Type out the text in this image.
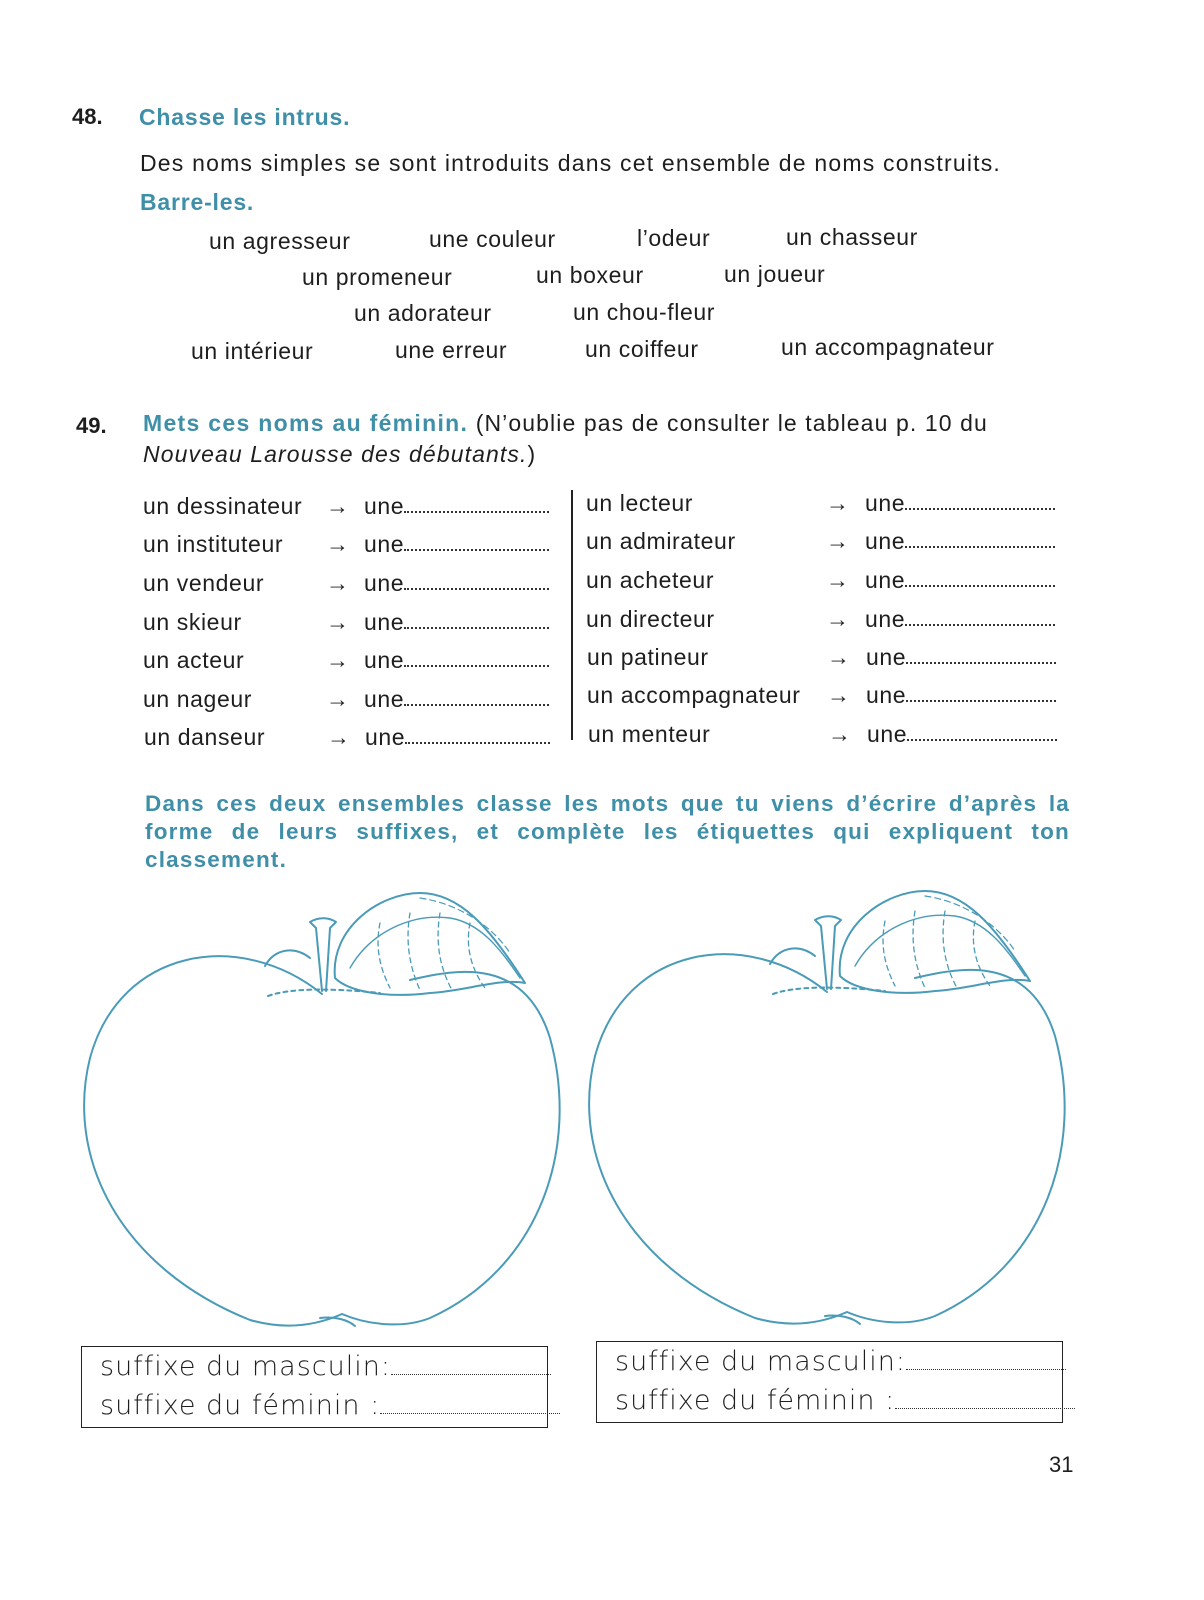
48. Chasse les intrus.
Des noms simples se sont introduits dans cet ensemble de noms construits.
Barre-les.
un agresseur	une couleur	l’odeur	un chasseur
un promeneur	un boxeur	un joueur
un adorateur	un chou-fleur
un intérieur	une erreur	un coiffeur	un accompagnateur
49. Mets ces noms au féminin. (N’oublie pas de consulter le tableau p. 10 du
Nouveau Larousse des débutants.)
un dessinateur → une
un instituteur → une
un vendeur	→ une
un skieur	→ une
un acteur	→ une
un nageur	→ une
un danseur	→ une
un lecteur	→ une
un admirateur	→ une
un acheteur	→ une
un directeur	→ une
un patineur	→ une
un accompagnateur → une
un menteur	→ une
Dans ces deux ensembles classe les mots que tu viens d’écrire d’après la forme de leurs suffixes, et complète les étiquettes qui expliquent ton classement.
suffixe du masculin:
suffixe du féminin :
suffixe du masculin:
suffixe du féminin :
31
